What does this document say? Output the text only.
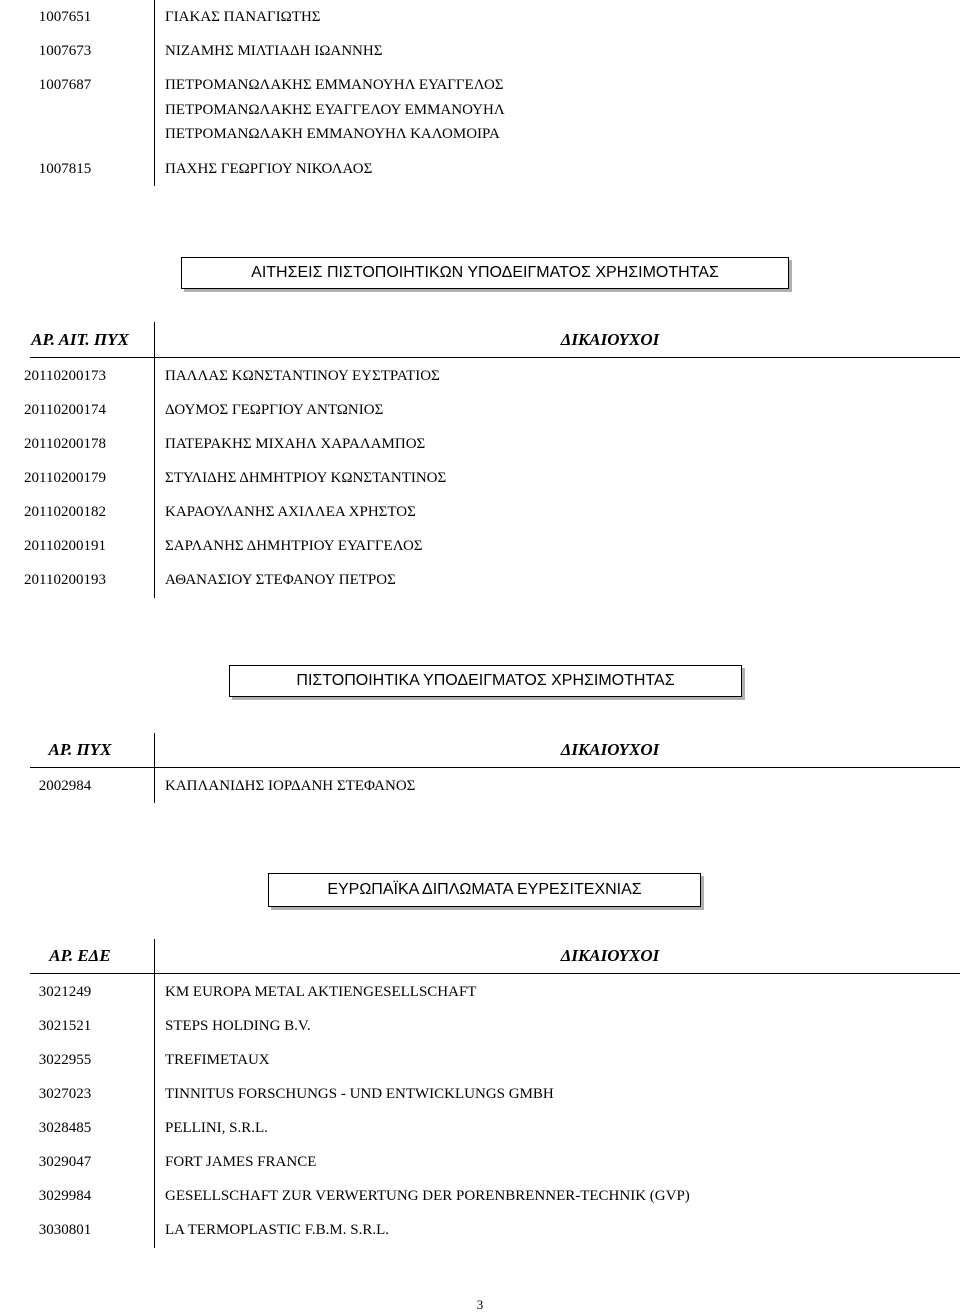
1007651	ΓΙΑΚΑΣ ΠΑΝΑΓΙΩΤΗΣ
1007673	ΝΙΖΑΜΗΣ ΜΙΛΤΙΑΔΗ ΙΩΑΝΝΗΣ
1007687	ΠΕΤΡΟΜΑΝΩΛΑΚΗΣ ΕΜΜΑΝΟΥΗΛ ΕΥΑΓΓΕΛΟΣ
ΠΕΤΡΟΜΑΝΩΛΑΚΗΣ ΕΥΑΓΓΕΛΟΥ ΕΜΜΑΝΟΥΗΛ
ΠΕΤΡΟΜΑΝΩΛΑΚΗ ΕΜΜΑΝΟΥΗΛ ΚΑΛΟΜΟΙΡΑ
1007815	ΠΑΧΗΣ ΓΕΩΡΓΙΟΥ ΝΙΚΟΛΑΟΣ
ΑΙΤΗΣΕΙΣ ΠΙΣΤΟΠΟΙΗΤΙΚΩΝ ΥΠΟΔΕΙΓΜΑΤΟΣ ΧΡΗΣΙΜΟΤΗΤΑΣ
ΑΡ. ΑΙΤ. ΠΥΧ	ΔΙΚΑΙΟΥΧΟΙ
20110200173	ΠΑΛΛΑΣ ΚΩΝΣΤΑΝΤΙΝΟΥ ΕΥΣΤΡΑΤΙΟΣ
20110200174	ΔΟΥΜΟΣ ΓΕΩΡΓΙΟΥ ΑΝΤΩΝΙΟΣ
20110200178	ΠΑΤΕΡΑΚΗΣ ΜΙΧΑΗΛ ΧΑΡΑΛΑΜΠΟΣ
20110200179	ΣΤΥΛΙΔΗΣ ΔΗΜΗΤΡΙΟΥ ΚΩΝΣΤΑΝΤΙΝΟΣ
20110200182	ΚΑΡΑΟΥΛΑΝΗΣ ΑΧΙΛΛΕΑ ΧΡΗΣΤΟΣ
20110200191	ΣΑΡΛΑΝΗΣ ΔΗΜΗΤΡΙΟΥ ΕΥΑΓΓΕΛΟΣ
20110200193	ΑΘΑΝΑΣΙΟΥ ΣΤΕΦΑΝΟΥ ΠΕΤΡΟΣ
ΠΙΣΤΟΠΟΙΗΤΙΚΑ ΥΠΟΔΕΙΓΜΑΤΟΣ ΧΡΗΣΙΜΟΤΗΤΑΣ
ΑΡ. ΠΥΧ	ΔΙΚΑΙΟΥΧΟΙ
2002984	ΚΑΠΛΑΝΙΔΗΣ ΙΟΡΔΑΝΗ ΣΤΕΦΑΝΟΣ
ΕΥΡΩΠΑΪΚΑ ΔΙΠΛΩΜΑΤΑ ΕΥΡΕΣΙΤΕΧΝΙΑΣ
ΑΡ. ΕΔΕ	ΔΙΚΑΙΟΥΧΟΙ
3021249	KM EUROPA METAL AKTIENGESELLSCHAFT
3021521	STEPS HOLDING B.V.
3022955	TREFIMETAUX
3027023	TINNITUS FORSCHUNGS - UND ENTWICKLUNGS GMBH
3028485	PELLINI, S.R.L.
3029047	FORT JAMES FRANCE
3029984	GESELLSCHAFT ZUR VERWERTUNG DER PORENBRENNER-TECHNIK (GVP)
3030801	LA TERMOPLASTIC F.B.M. S.R.L.
3
